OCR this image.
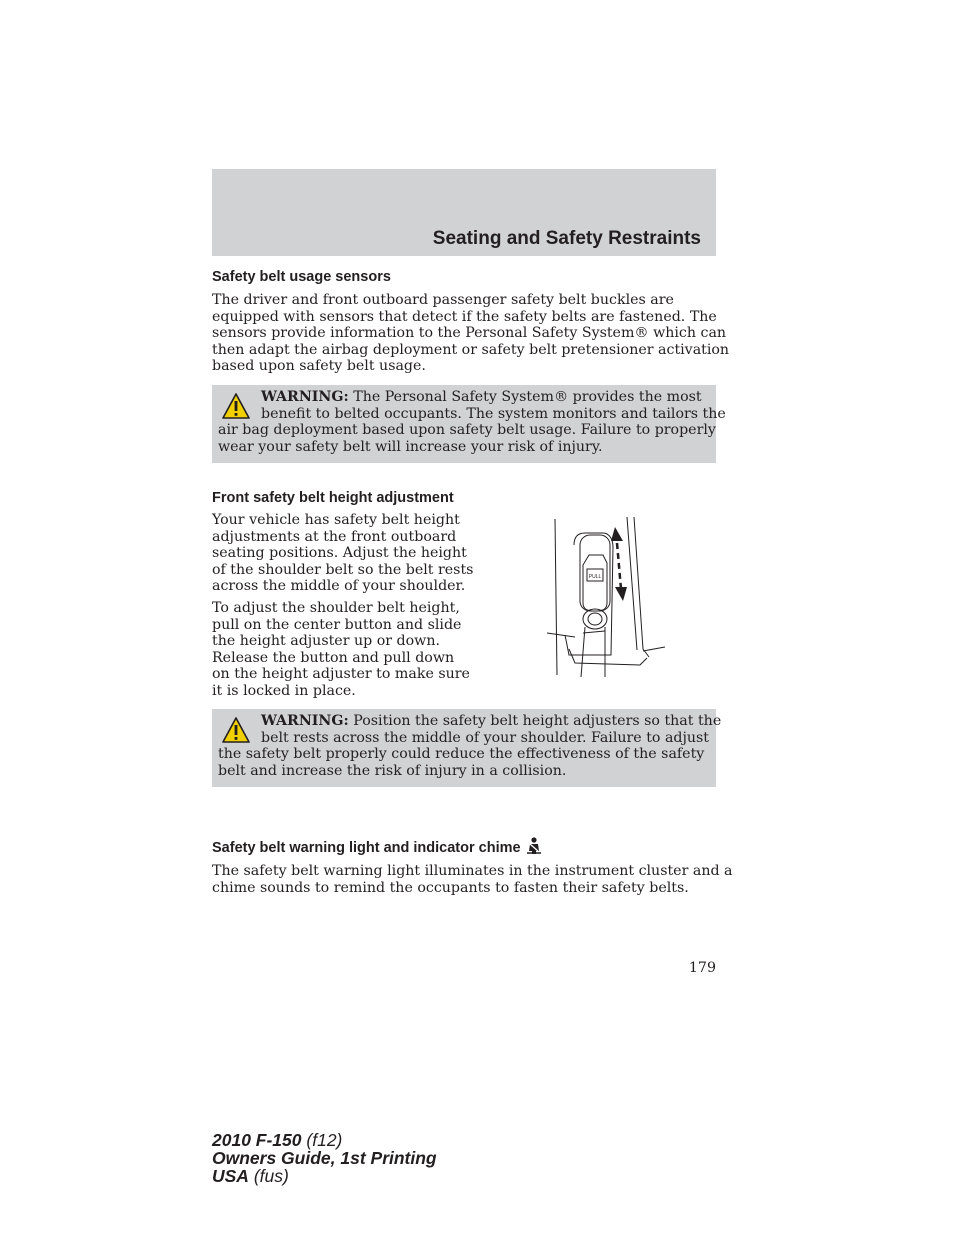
Seating and Safety Restraints
Safety belt usage sensors
The driver and front outboard passenger safety belt buckles are
equipped with sensors that detect if the safety belts are fastened. The
sensors provide information to the Personal Safety System® which can
then adapt the airbag deployment or safety belt pretensioner activation
based upon safety belt usage.
WARNING: The Personal Safety System® provides the most
benefit to belted occupants. The system monitors and tailors the
air bag deployment based upon safety belt usage. Failure to properly
wear your safety belt will increase your risk of injury.
Front safety belt height adjustment
Your vehicle has safety belt height
adjustments at the front outboard
seating positions. Adjust the height
of the shoulder belt so the belt rests
across the middle of your shoulder.
To adjust the shoulder belt height,
pull on the center button and slide
the height adjuster up or down.
Release the button and pull down
on the height adjuster to make sure
it is locked in place.
PULL
WARNING: Position the safety belt height adjusters so that the
belt rests across the middle of your shoulder. Failure to adjust
the safety belt properly could reduce the effectiveness of the safety
belt and increase the risk of injury in a collision.
Safety belt warning light and indicator chime
The safety belt warning light illuminates in the instrument cluster and a
chime sounds to remind the occupants to fasten their safety belts.
179
2010 F-150 (f12)
Owners Guide, 1st Printing
USA (fus)
